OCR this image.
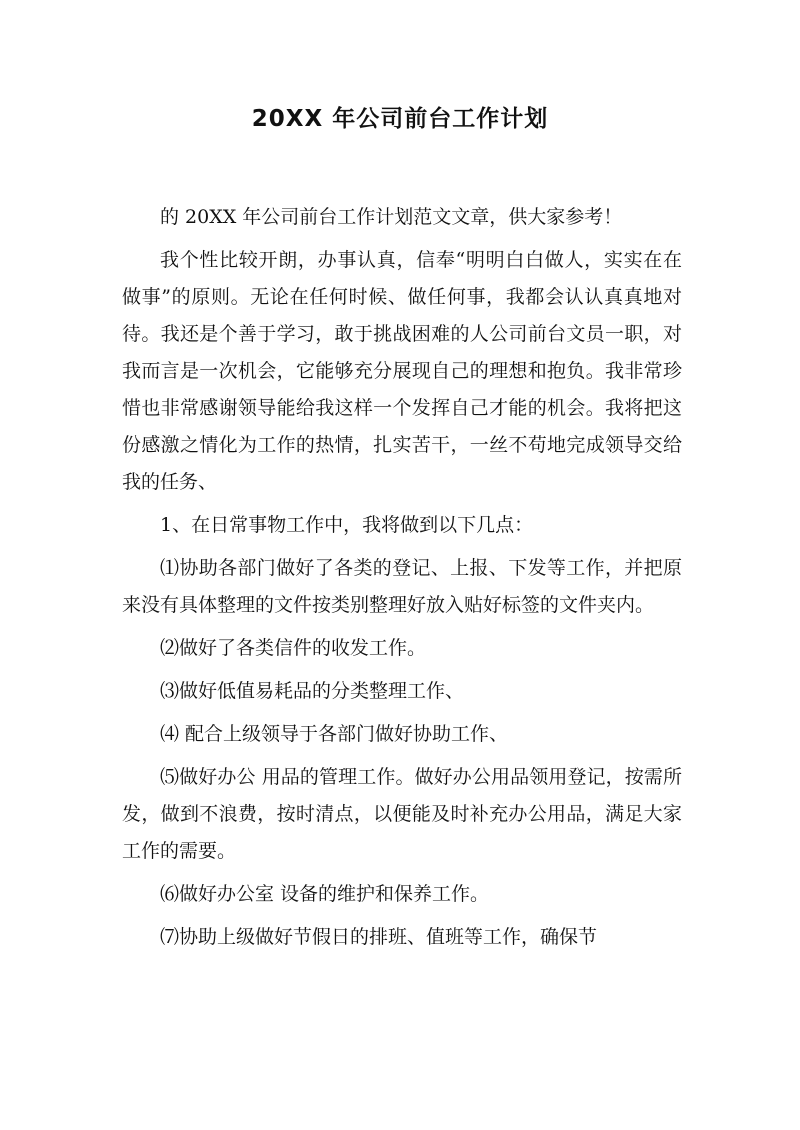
20XX 年公司前台工作计划

的 20XX 年公司前台工作计划范文文章，供大家参考！

我个性比较开朗，办事认真，信奉“明明白白做人，实实在在做事”的原则。无论在任何时候、做任何事，我都会认认真真地对待。我还是个善于学习，敢于挑战困难的人公司前台文员一职，对我而言是一次机会，它能够充分展现自己的理想和抱负。我非常珍惜也非常感谢领导能给我这样一个发挥自己才能的机会。我将把这份感激之情化为工作的热情，扎实苦干，一丝不苟地完成领导交给我的任务、

1、在日常事物工作中，我将做到以下几点：

⑴协助各部门做好了各类的登记、上报、下发等工作，并把原来没有具体整理的文件按类别整理好放入贴好标签的文件夹内。

⑵做好了各类信件的收发工作。

⑶做好低值易耗品的分类整理工作、

⑷ 配合上级领导于各部门做好协助工作、

⑸做好办公 用品的管理工作。做好办公用品领用登记，按需所发，做到不浪费，按时清点，以便能及时补充办公用品，满足大家工作的需要。

⑹做好办公室 设备的维护和保养工作。

⑺协助上级做好节假日的排班、值班等工作，确保节
